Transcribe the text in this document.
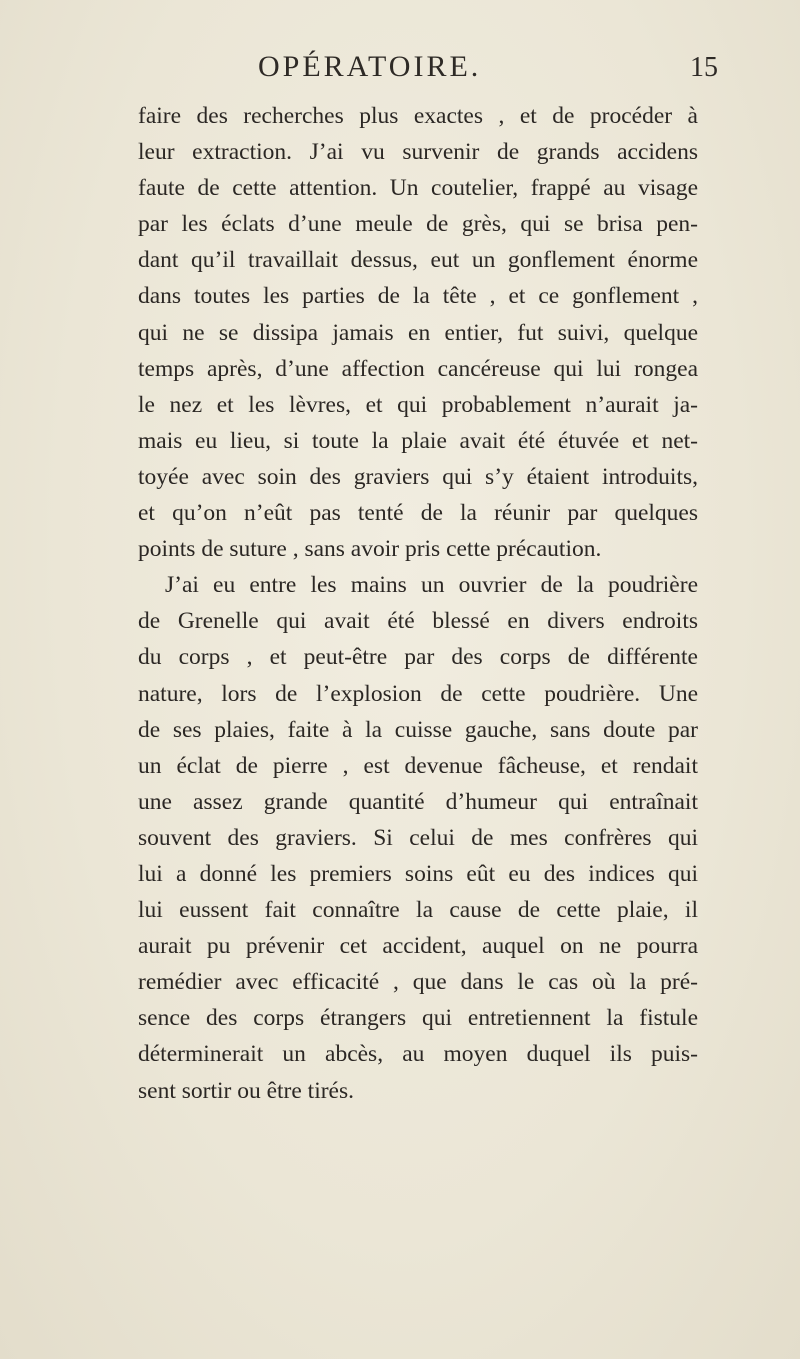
OPÉRATOIRE.	15
faire des recherches plus exactes , et de procéder à
leur extraction. J’ai vu survenir de grands accidens
faute de cette attention. Un coutelier, frappé au visage
par les éclats d’une meule de grès, qui se brisa pen-
dant qu’il travaillait dessus, eut un gonflement énorme
dans toutes les parties de la tête , et ce gonflement ,
qui ne se dissipa jamais en entier, fut suivi, quelque
temps après, d’une affection cancéreuse qui lui rongea
le nez et les lèvres, et qui probablement n’aurait ja-
mais eu lieu, si toute la plaie avait été étuvée et net-
toyée avec soin des graviers qui s’y étaient introduits,
et qu’on n’eût pas tenté de la réunir par quelques
points de suture , sans avoir pris cette précaution.
J’ai eu entre les mains un ouvrier de la poudrière
de Grenelle qui avait été blessé en divers endroits
du corps , et peut-être par des corps de différente
nature, lors de l’explosion de cette poudrière. Une
de ses plaies, faite à la cuisse gauche, sans doute par
un éclat de pierre , est devenue fâcheuse, et rendait
une assez grande quantité d’humeur qui entraînait
souvent des graviers. Si celui de mes confrères qui
lui a donné les premiers soins eût eu des indices qui
lui eussent fait connaître la cause de cette plaie, il
aurait pu prévenir cet accident, auquel on ne pourra
remédier avec efficacité , que dans le cas où la pré-
sence des corps étrangers qui entretiennent la fistule
déterminerait un abcès, au moyen duquel ils puis-
sent sortir ou être tirés.
